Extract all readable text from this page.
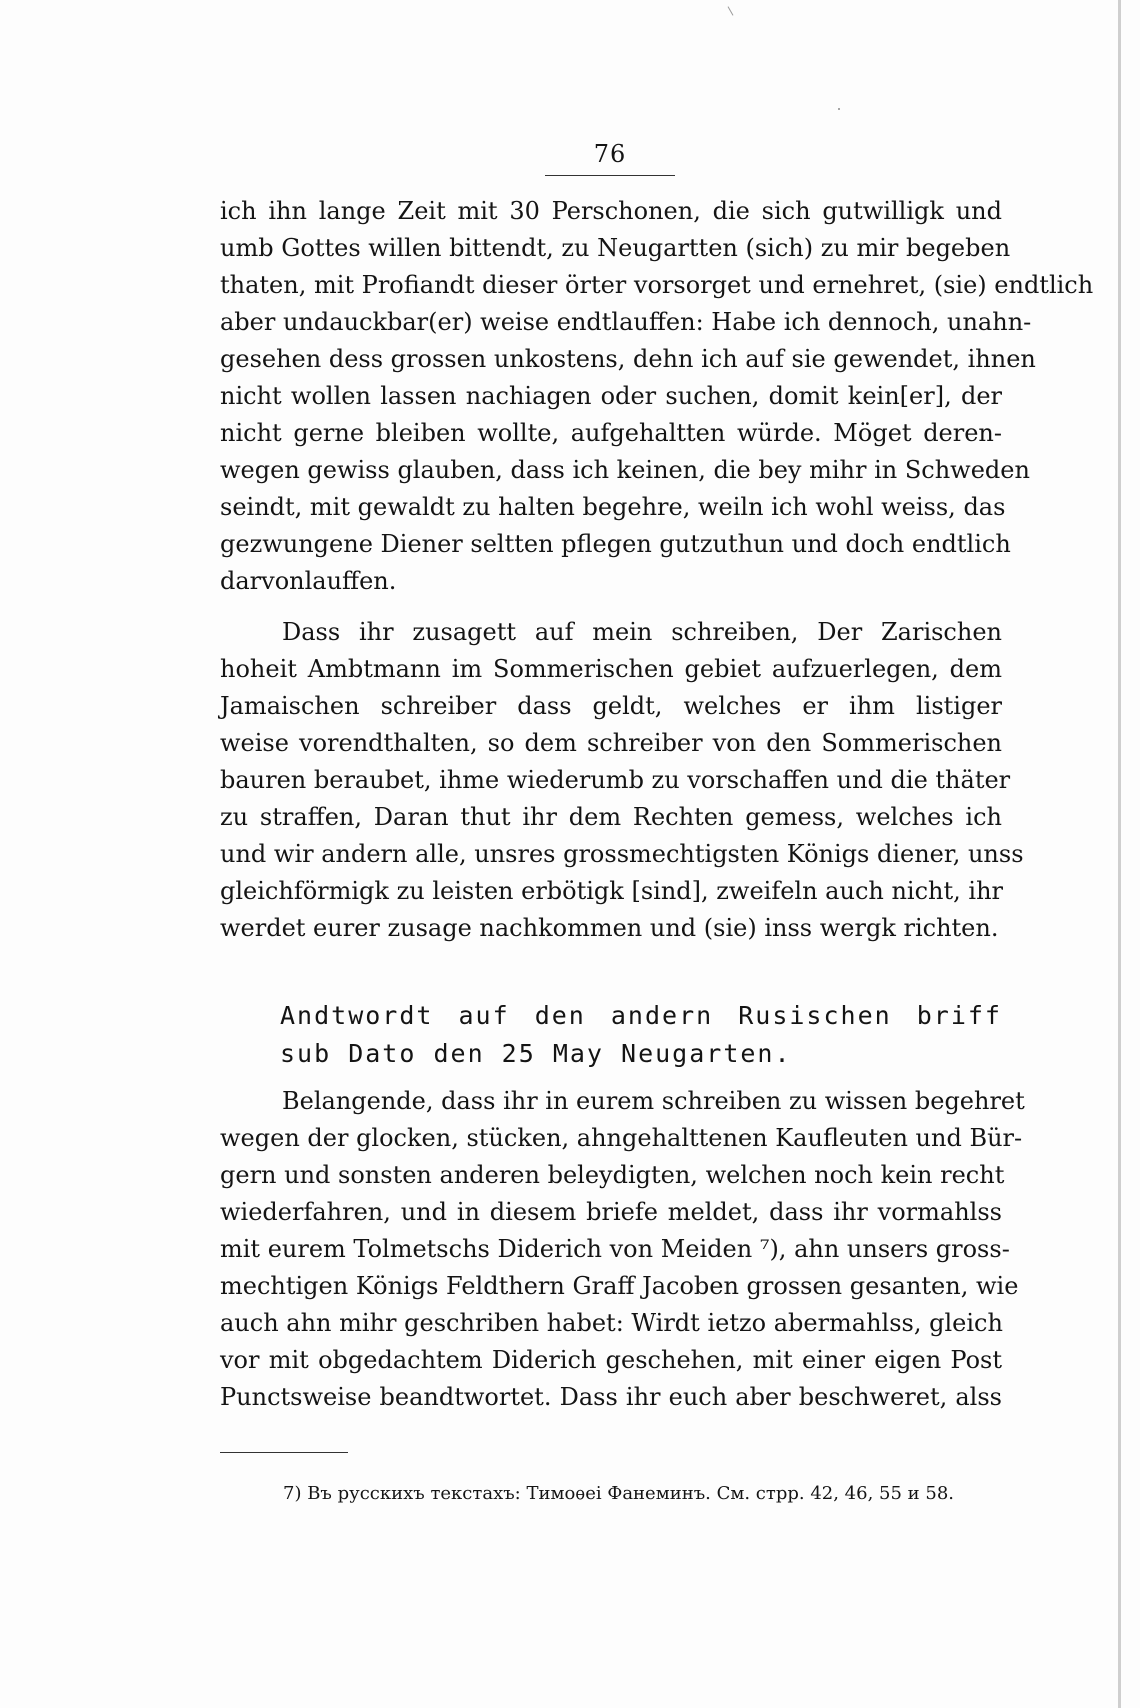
76
ich ihn lange Zeit mit 30 Perschonen, die sich gutwilligk und
umb Gottes willen bittendt, zu Neugartten (sich) zu mir begeben
thaten, mit Profiandt dieser örter vorsorget und ernehret, (sie) endtlich
aber undauckbar(er) weise endtlauffen: Habe ich dennoch, unahn-
gesehen dess grossen unkostens, dehn ich auf sie gewendet, ihnen
nicht wollen lassen nachiagen oder suchen, domit kein[er], der
nicht gerne bleiben wollte, aufgehaltten würde. Möget deren-
wegen gewiss glauben, dass ich keinen, die bey mihr in Schweden
seindt, mit gewaldt zu halten begehre, weiln ich wohl weiss, das
gezwungene Diener seltten pflegen gutzuthun und doch endtlich
darvonlauffen.
Dass ihr zusagett auf mein schreiben, Der Zarischen
hoheit Ambtmann im Sommerischen gebiet aufzuerlegen, dem
Jamaischen schreiber dass geldt, welches er ihm listiger
weise vorendthalten, so dem schreiber von den Sommerischen
bauren beraubet, ihme wiederumb zu vorschaffen und die thäter
zu straffen, Daran thut ihr dem Rechten gemess, welches ich
und wir andern alle, unsres grossmechtigsten Königs diener, unss
gleichförmigk zu leisten erbötigk [sind], zweifeln auch nicht, ihr
werdet eurer zusage nachkommen und (sie) inss wergk richten.
Andtwordt auf den andern Rusischen briff
sub Dato den 25 May Neugarten.
Belangende, dass ihr in eurem schreiben zu wissen begehret
wegen der glocken, stücken, ahngehalttenen Kaufleuten und Bür-
gern und sonsten anderen beleydigten, welchen noch kein recht
wiederfahren, und in diesem briefe meldet, dass ihr vormahlss
mit eurem Tolmetschs Diderich von Meiden ⁷), ahn unsers gross-
mechtigen Königs Feldthern Graff Jacoben grossen gesanten, wie
auch ahn mihr geschriben habet: Wirdt ietzo abermahlss, gleich
vor mit obgedachtem Diderich geschehen, mit einer eigen Post
Punctsweise beandtwortet. Dass ihr euch aber beschweret, alss
7) Въ русскихъ текстахъ: Тимоѳеі Фанеминъ. См. стрр. 42, 46, 55 и 58.
